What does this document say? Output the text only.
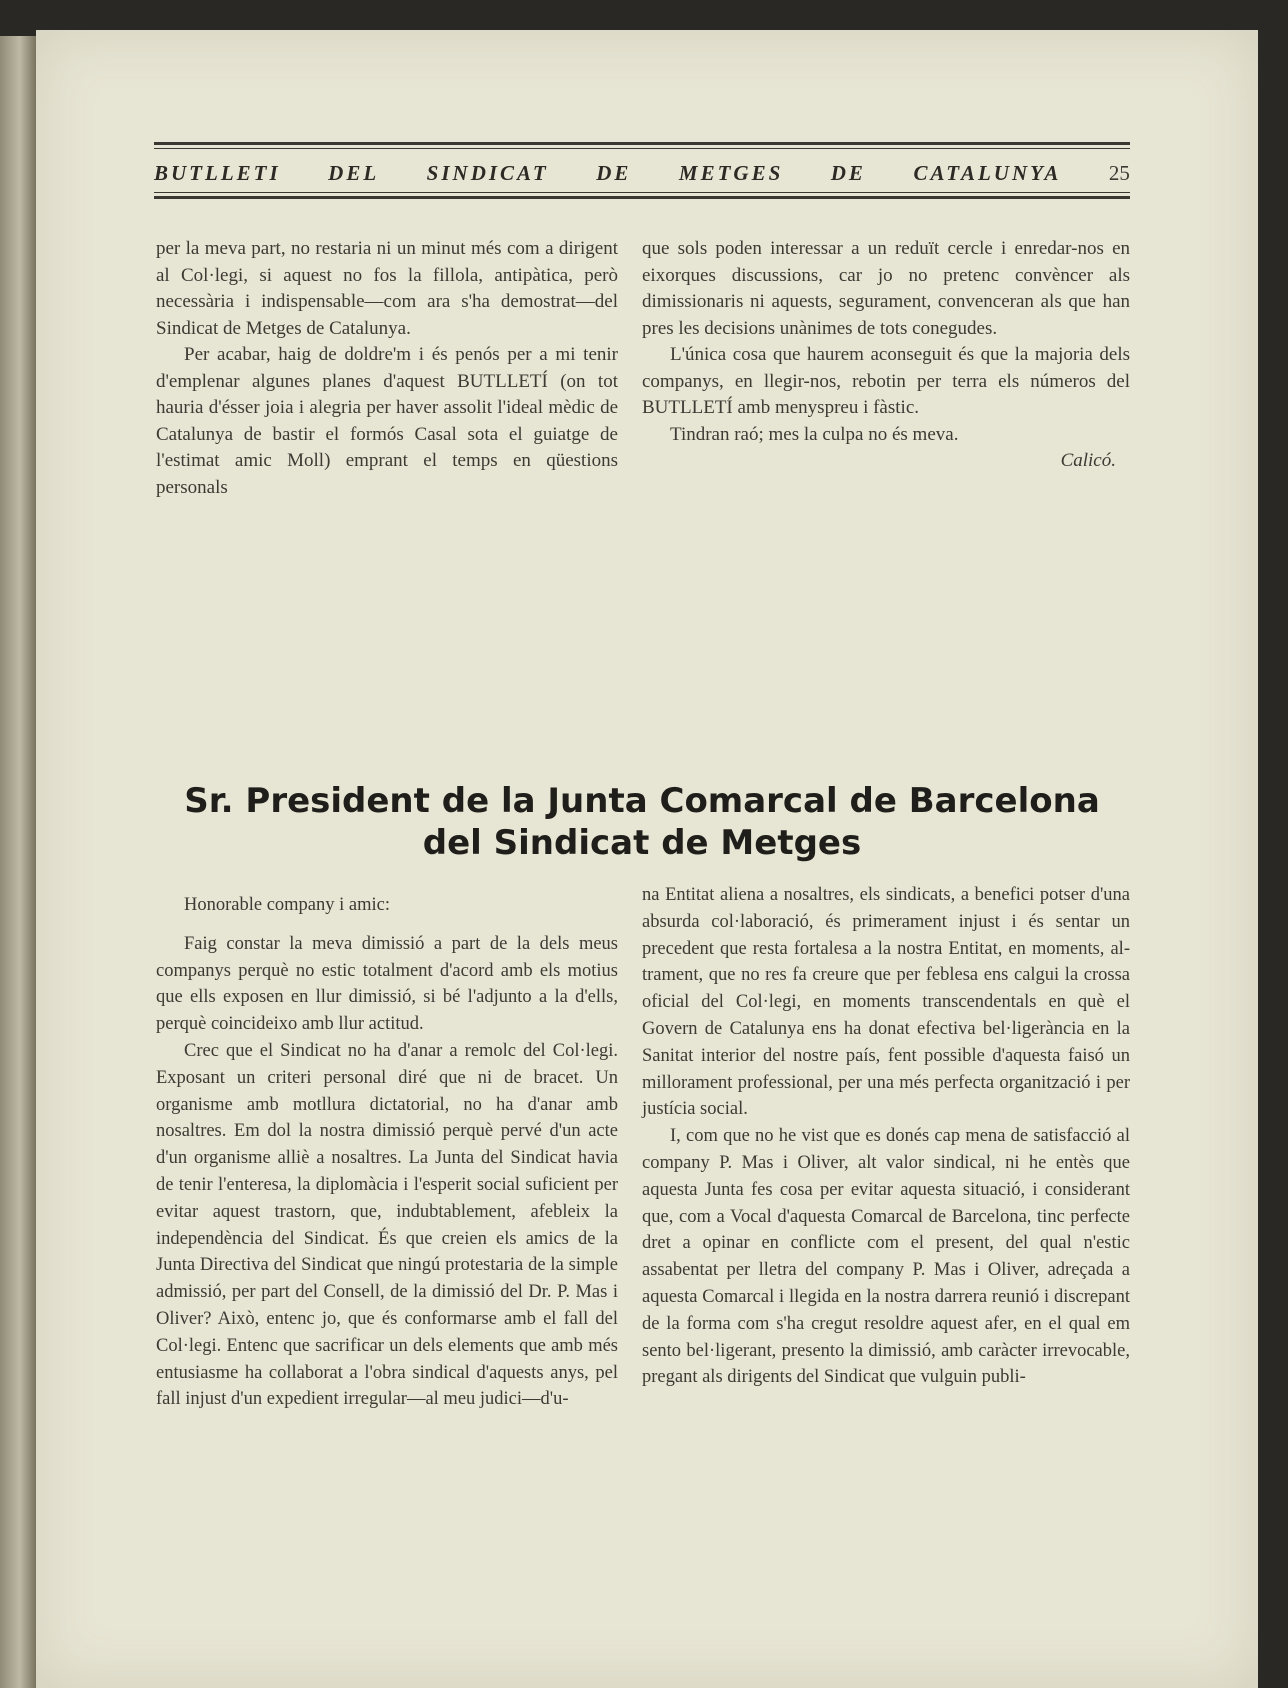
BUTLLETI DEL SINDICAT DE METGES DE CATALUNYA 25

per la meva part, no restaria ni un minut més com a dirigent al Col·legi, si aquest no fos la fillola, antipàtica, però necessària i indispensable—com ara s'ha demostrat—del Sindicat de Metges de Catalunya.

Per acabar, haig de doldre'm i és penós per a mi tenir d'emplenar algunes planes d'aquest BUTLLETÍ (on tot hauria d'ésser joia i alegria per haver assolit l'ideal mèdic de Catalunya de bastir el formós Casal sota el guiatge de l'estimat amic Moll) emprant el temps en qüestions personals

que sols poden interessar a un reduït cercle i enredar-nos en eixorques discussions, car jo no pretenc convèncer als dimissionaris ni aquests, segurament, convenceran als que han pres les decisions unànimes de tots conegudes.

L'única cosa que haurem aconseguit és que la majoria dels companys, en llegir-nos, rebotin per terra els números del BUTLLETÍ amb menyspreu i fàstic.

Tindran raó; mes la culpa no és meva.

Calicó.

Sr. President de la Junta Comarcal de Barcelona
del Sindicat de Metges

Honorable company i amic:

Faig constar la meva dimissió a part de la dels meus companys perquè no estic totalment d'acord amb els motius que ells exposen en llur dimissió, si bé l'adjunto a la d'ells, perquè coincideixo amb llur actitud.

Crec que el Sindicat no ha d'anar a remolc del Col·legi. Exposant un criteri personal diré que ni de bracet. Un organisme amb motllura dictatorial, no ha d'anar amb nosaltres. Em dol la nostra dimissió perquè pervé d'un acte d'un organisme alliè a nosaltres. La Junta del Sindicat havia de tenir l'enteresa, la diplomàcia i l'esperit social suficient per evitar aquest trastorn, que, indubtablement, afebleix la independència del Sindicat. És que creien els amics de la Junta Directiva del Sindicat que ningú protestaria de la simple admissió, per part del Consell, de la dimissió del Dr. P. Mas i Oliver? Això, entenc jo, que és conformarse amb el fall del Col·legi. Entenc que sacrificar un dels elements que amb més entusiasme ha collaborat a l'obra sindical d'aquests anys, pel fall injust d'un expedient irregular—al meu judici—d'u-

na Entitat aliena a nosaltres, els sindicats, a benefici potser d'una absurda col·laboració, és primerament injust i és sentar un precedent que resta fortalesa a la nostra Entitat, en moments, altrament, que no res fa creure que per feblesa ens calgui la crossa oficial del Col·legi, en moments transcendentals en què el Govern de Catalunya ens ha donat efectiva bel·ligerància en la Sanitat interior del nostre país, fent possible d'aquesta faisó un millorament professional, per una més perfecta organització i per justícia social.

I, com que no he vist que es donés cap mena de satisfacció al company P. Mas i Oliver, alt valor sindical, ni he entès que aquesta Junta fes cosa per evitar aquesta situació, i considerant que, com a Vocal d'aquesta Comarcal de Barcelona, tinc perfecte dret a opinar en conflicte com el present, del qual n'estic assabentat per lletra del company P. Mas i Oliver, adreçada a aquesta Comarcal i llegida en la nostra darrera reunió i discrepant de la forma com s'ha cregut resoldre aquest afer, en el qual em sento bel·ligerant, presento la dimissió, amb caràcter irrevocable, pregant als dirigents del Sindicat que vulguin publi-
